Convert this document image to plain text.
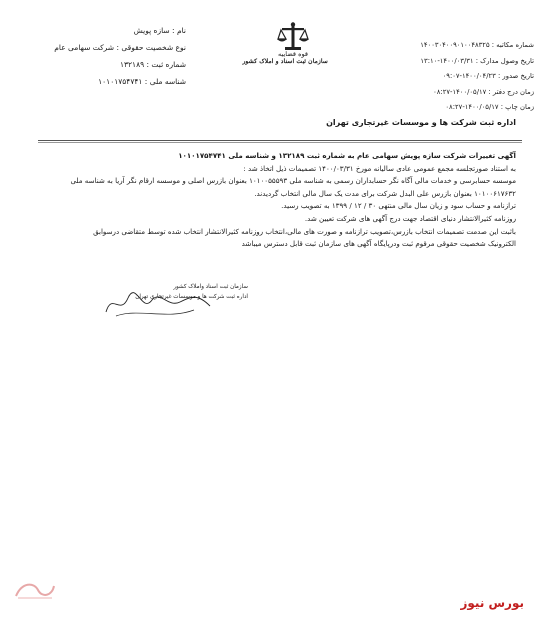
نام : سازه پویش
نوع شخصیت حقوقی : شرکت سهامی عام
شماره ثبت : ۱۳۲۱۸۹
شناسه ملی : ۱۰۱۰۱۷۵۴۷۴۱
قوه قضاییه
سازمان ثبت اسناد و املاک کشور
شماره مکاتبه : ۱۴۰۰۳۰۴۰۰۹۰۱۰۰۴۸۳۲۵
تاریخ وصول مدارک : ۱۴۰۰/۰۳/۳۱-۱۳:۱۰
تاریخ صدور : ۱۴۰۰/۰۴/۲۳-۰۹:۰۷
زمان درج دفتر : ۱۴۰۰/۰۵/۱۷-۰۸:۲۷
زمان چاپ : ۱۴۰۰/۰۵/۱۷-۰۸:۲۷
اداره ثبت شرکت ها و موسسات غیرتجاری تهران
آگهی تغییرات شرکت سازه پویش سهامی عام به شماره ثبت ۱۳۲۱۸۹ و شناسه ملی ۱۰۱۰۱۷۵۴۷۴۱
به استناد صورتجلسه مجمع عمومی عادی سالیانه مورخ ۱۴۰۰/۰۳/۳۱ تصمیمات ذیل اتخاذ شد :
موسسه حسابرسی و خدمات مالی آگاه نگر حسابداران رسمی به شناسه ملی ۱۰۱۰۰۵۵۵۹۳ بعنوان بازرس اصلی و موسسه ارقام نگر آریا به شناسه ملی
۱۰۱۰۰۶۱۷۶۳۲ بعنوان بازرس علی البدل شرکت برای مدت یک سال مالی انتخاب گردیدند.
ترازنامه و حساب سود و زیان سال مالی منتهی ۳۰ / ۱۲ / ۱۳۹۹ به تصویب رسید.
روزنامه کثیرالانتشار دنیای اقتصاد جهت درج آگهی های شرکت تعیین شد.
باثبت این صدمت تصمیمات انتخاب بازرس،تصویب ترازنامه و صورت های مالی،انتخاب روزنامه کثیرالانتشار انتخاب شده توسط متقاضی درسوابق
الکترونیک شخصیت حقوقی مرقوم ثبت ودرپایگاه آگهی های سازمان ثبت قابل دسترس میباشد
سازمان ثبت اسناد واملاک کشور
اداره ثبت شرکت ها و موسسات غیرتجاری تهران
بورس نیوز
